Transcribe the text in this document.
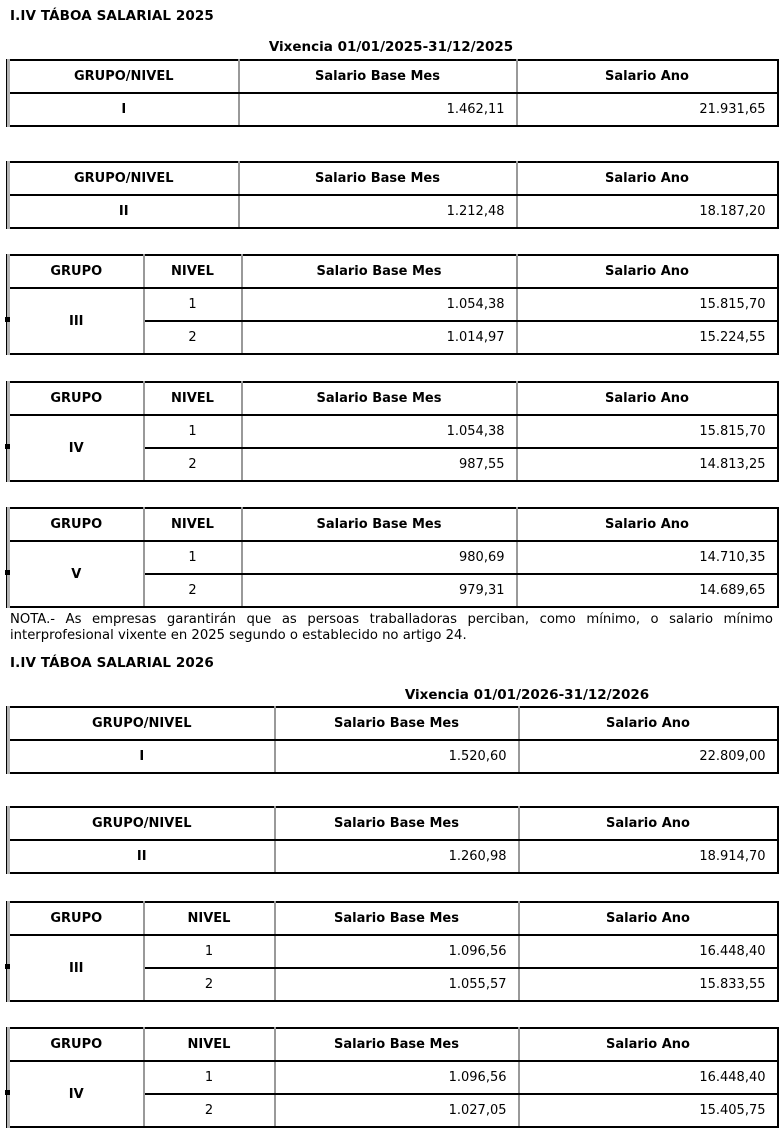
I.IV TÁBOA SALARIAL 2025
Vixencia 01/01/2025-31/12/2025
GRUPO/NIVEL	Salario Base Mes	Salario Ano
I	1.462,11	21.931,65
GRUPO/NIVEL	Salario Base Mes	Salario Ano
II	1.212,48	18.187,20
GRUPO	NIVEL	Salario Base Mes	Salario Ano
III	1	1.054,38	15.815,70
	2	1.014,97	15.224,55
GRUPO	NIVEL	Salario Base Mes	Salario Ano
IV	1	1.054,38	15.815,70
	2	987,55	14.813,25
GRUPO	NIVEL	Salario Base Mes	Salario Ano
V	1	980,69	14.710,35
	2	979,31	14.689,65
NOTA.- As empresas garantirán que as persoas traballadoras perciban, como mínimo, o salario mínimo interprofesional vixente en 2025 segundo o establecido no artigo 24.
I.IV TÁBOA SALARIAL 2026
Vixencia 01/01/2026-31/12/2026
GRUPO/NIVEL	Salario Base Mes	Salario Ano
I	1.520,60	22.809,00
GRUPO/NIVEL	Salario Base Mes	Salario Ano
II	1.260,98	18.914,70
GRUPO	NIVEL	Salario Base Mes	Salario Ano
III	1	1.096,56	16.448,40
	2	1.055,57	15.833,55
GRUPO	NIVEL	Salario Base Mes	Salario Ano
IV	1	1.096,56	16.448,40
	2	1.027,05	15.405,75
